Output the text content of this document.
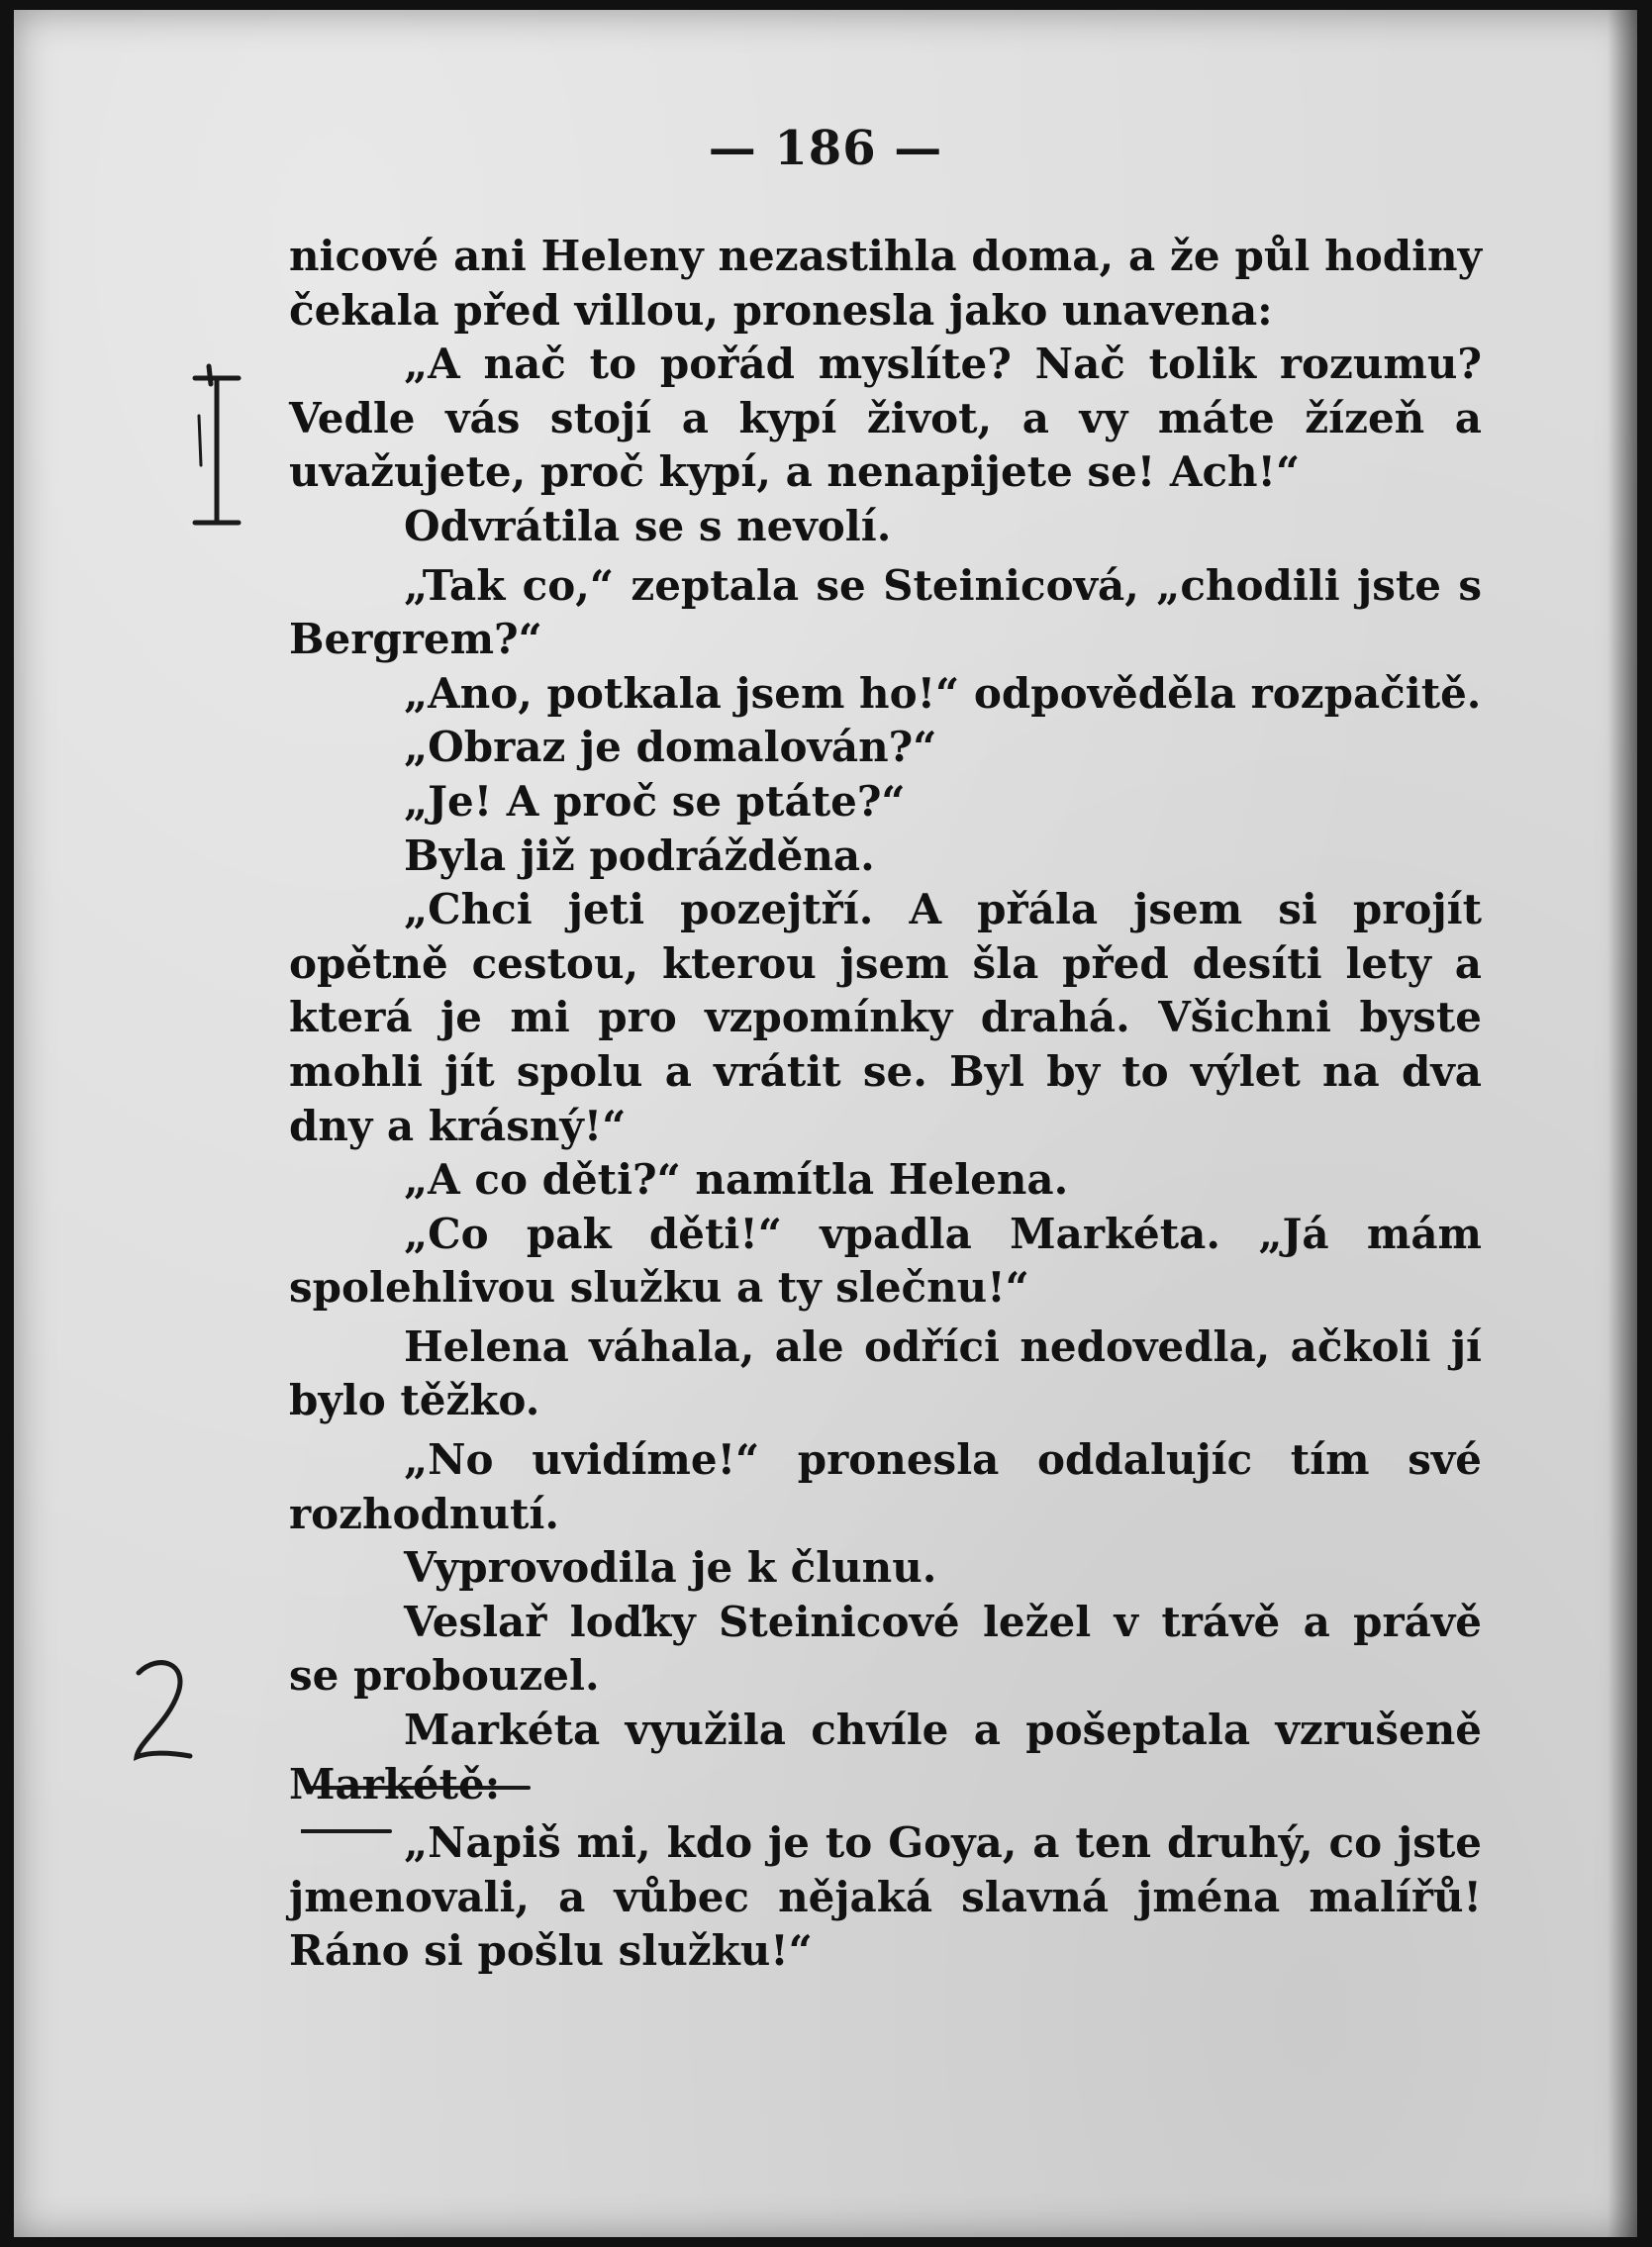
— 186 —

nicové ani Heleny nezastihla doma, a že půl hodiny čekala před villou, pronesla jako unavena:

„A nač to pořád myslíte? Nač tolik rozumu? Vedle vás stojí a kypí život, a vy máte žízeň a uvažujete, proč kypí, a nenapijete se! Ach!“

Odvrátila se s nevolí.

„Tak co,“ zeptala se Steinicová, „chodili jste s Bergrem?“

„Ano, potkala jsem ho!“ odpověděla rozpačitě.

„Obraz je domalován?“

„Je! A proč se ptáte?“

Byla již podrážděna.

„Chci jeti pozejtří. A přála jsem si projít opětně cestou, kterou jsem šla před desíti lety a která je mi pro vzpomínky drahá. Všichni byste mohli jít spolu a vrátit se. Byl by to výlet na dva dny a krásný!“

„A co děti?“ namítla Helena.

„Co pak děti!“ vpadla Markéta. „Já mám spolehlivou služku a ty slečnu!“

Helena váhala, ale odříci nedovedla, ačkoli jí bylo těžko.

„No uvidíme!“ pronesla oddalujíc tím své rozhodnutí.

Vyprovodila je k člunu.

Veslař loďky Steinicové ležel v trávě a právě se probouzel.

Markéta využila chvíle a pošeptala vzrušeně Markétě:

„Napiš mi, kdo je to Goya, a ten druhý, co jste jmenovali, a vůbec nějaká slavná jména malířů! Ráno si pošlu služku!“
